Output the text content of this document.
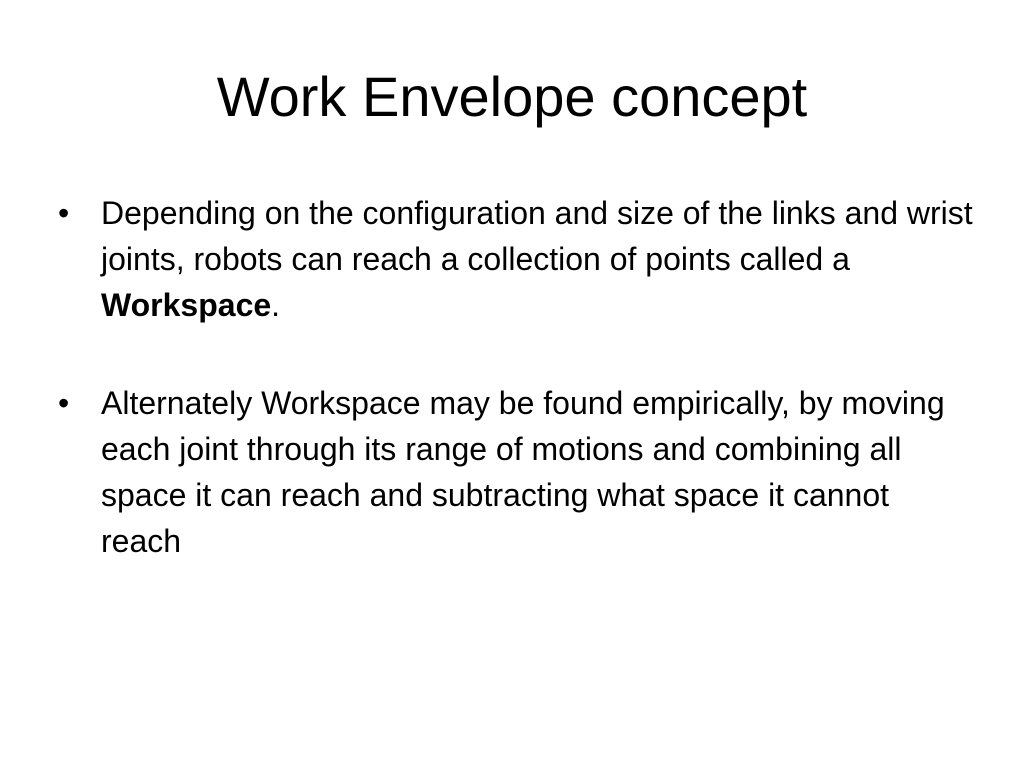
Work Envelope concept
• Depending on the configuration and size of the links and wrist joints, robots can reach a collection of points called a Workspace.
• Alternately Workspace may be found empirically, by moving each joint through its range of motions and combining all space it can reach and subtracting what space it cannot reach
